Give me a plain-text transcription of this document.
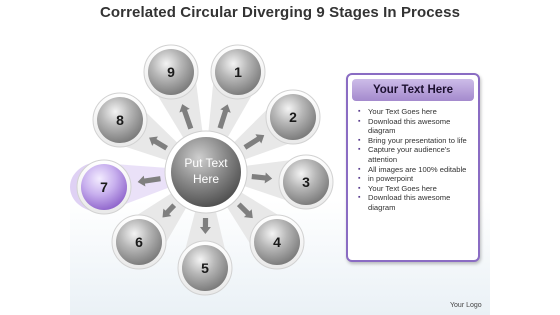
Correlated Circular Diverging 9 Stages In Process
1
2
3
4
5
6
7
8
9
Put Text
Here
Your Text Here
▪ Your Text Goes here
▪ Download this awesome diagram
▪ Bring your presentation to life
▪ Capture your audience's attention
▪ All images are 100% editable
▪ in powerpoint
▪ Your Text Goes here
▪ Download this awesome diagram
Your Logo
